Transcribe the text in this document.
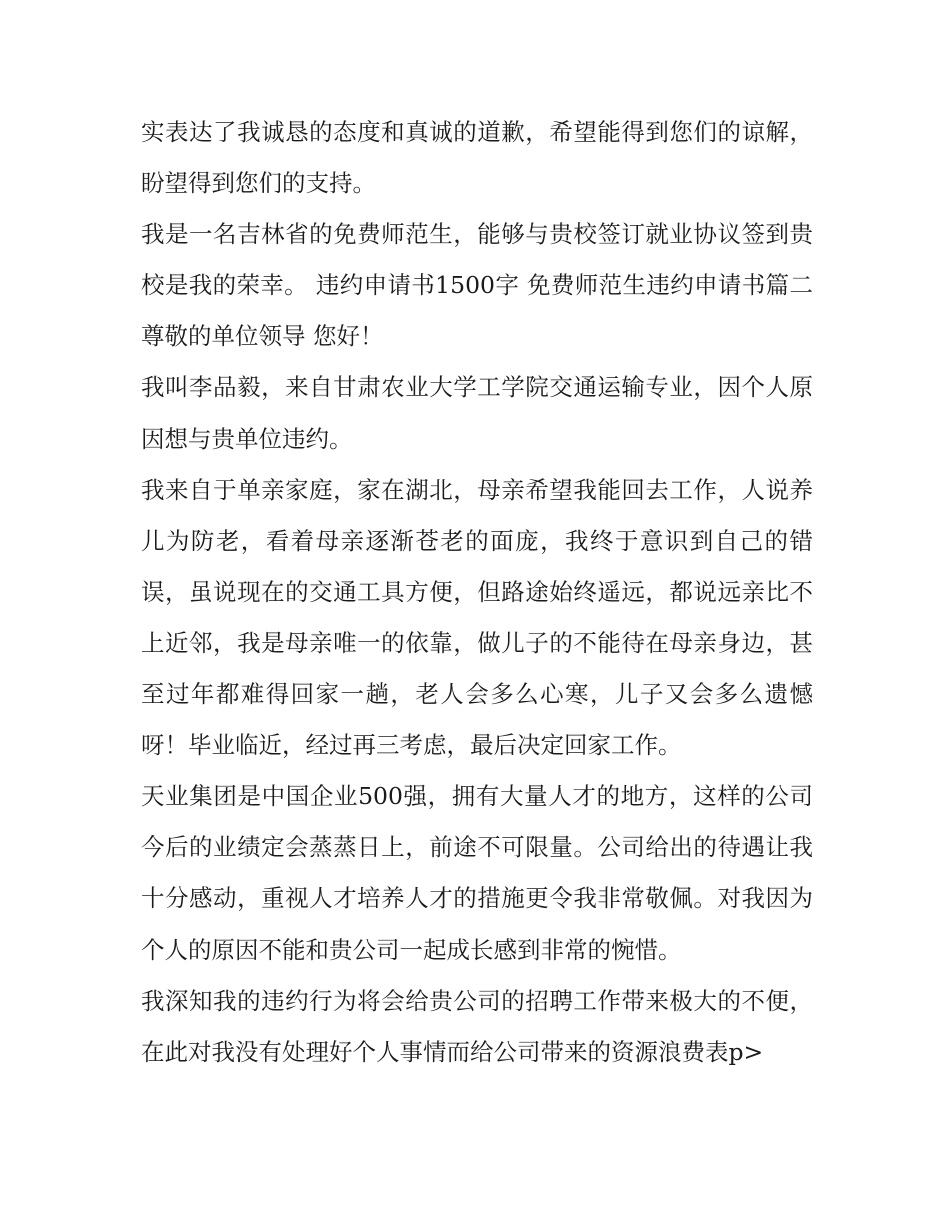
实表达了我诚恳的态度和真诚的道歉，希望能得到您们的谅解，盼望得到您们的支持。

我是一名吉林省的免费师范生，能够与贵校签订就业协议签到贵校是我的荣幸。 违约申请书1500字 免费师范生违约申请书篇二 尊敬的单位领导 您好！

我叫李品毅，来自甘肃农业大学工学院交通运输专业，因个人原因想与贵单位违约。

我来自于单亲家庭，家在湖北，母亲希望我能回去工作，人说养儿为防老，看着母亲逐渐苍老的面庞，我终于意识到自己的错误，虽说现在的交通工具方便，但路途始终遥远，都说远亲比不上近邻，我是母亲唯一的依靠，做儿子的不能待在母亲身边，甚至过年都难得回家一趟，老人会多么心寒，儿子又会多么遗憾呀！毕业临近，经过再三考虑，最后决定回家工作。

天业集团是中国企业500强，拥有大量人才的地方，这样的公司今后的业绩定会蒸蒸日上，前途不可限量。公司给出的待遇让我十分感动，重视人才培养人才的措施更令我非常敬佩。对我因为个人的原因不能和贵公司一起成长感到非常的惋惜。

我深知我的违约行为将会给贵公司的招聘工作带来极大的不便，在此对我没有处理好个人事情而给公司带来的资源浪费表p>
